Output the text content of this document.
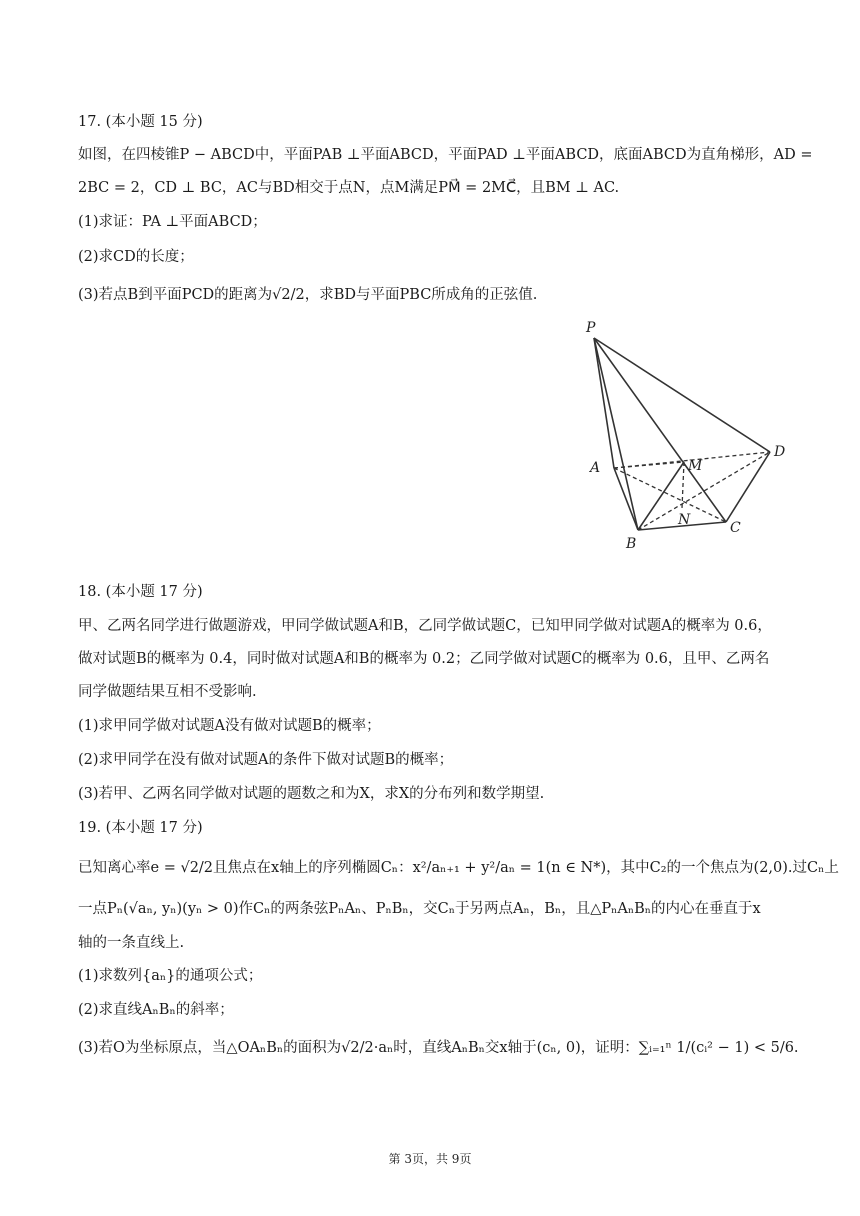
17. (本小题 15 分)
如图，在四棱锥P − ABCD中，平面PAB ⊥平面ABCD，平面PAD ⊥平面ABCD，底面ABCD为直角梯形，AD =
2BC = 2，CD ⊥ BC，AC与BD相交于点N，点M满足PM⃗ = 2MC⃗，且BM ⊥ AC.
(1)求证：PA ⊥平面ABCD；
(2)求CD的长度；
(3)若点B到平面PCD的距离为√2/2，求BD与平面PBC所成角的正弦值.
P
A
B
C
D
M
N
18. (本小题 17 分)
甲、乙两名同学进行做题游戏，甲同学做试题A和B，乙同学做试题C，已知甲同学做对试题A的概率为 0.6，
做对试题B的概率为 0.4，同时做对试题A和B的概率为 0.2；乙同学做对试题C的概率为 0.6，且甲、乙两名
同学做题结果互相不受影响.
(1)求甲同学做对试题A没有做对试题B的概率；
(2)求甲同学在没有做对试题A的条件下做对试题B的概率；
(3)若甲、乙两名同学做对试题的题数之和为X，求X的分布列和数学期望.
19. (本小题 17 分)
已知离心率e = √2/2且焦点在x轴上的序列椭圆Cₙ：x²/aₙ₊₁ + y²/aₙ = 1(n ∈ N*)，其中C₂的一个焦点为(2,0).过Cₙ上
一点Pₙ(√aₙ, yₙ)(yₙ > 0)作Cₙ的两条弦PₙAₙ、PₙBₙ，交Cₙ于另两点Aₙ，Bₙ，且△PₙAₙBₙ的内心在垂直于x
轴的一条直线上.
(1)求数列{aₙ}的通项公式；
(2)求直线AₙBₙ的斜率；
(3)若O为坐标原点，当△OAₙBₙ的面积为√2/2·aₙ时，直线AₙBₙ交x轴于(cₙ, 0)，证明：∑ᵢ₌₁ⁿ 1/(cᵢ² − 1) < 5/6.
第 3页，共 9页
